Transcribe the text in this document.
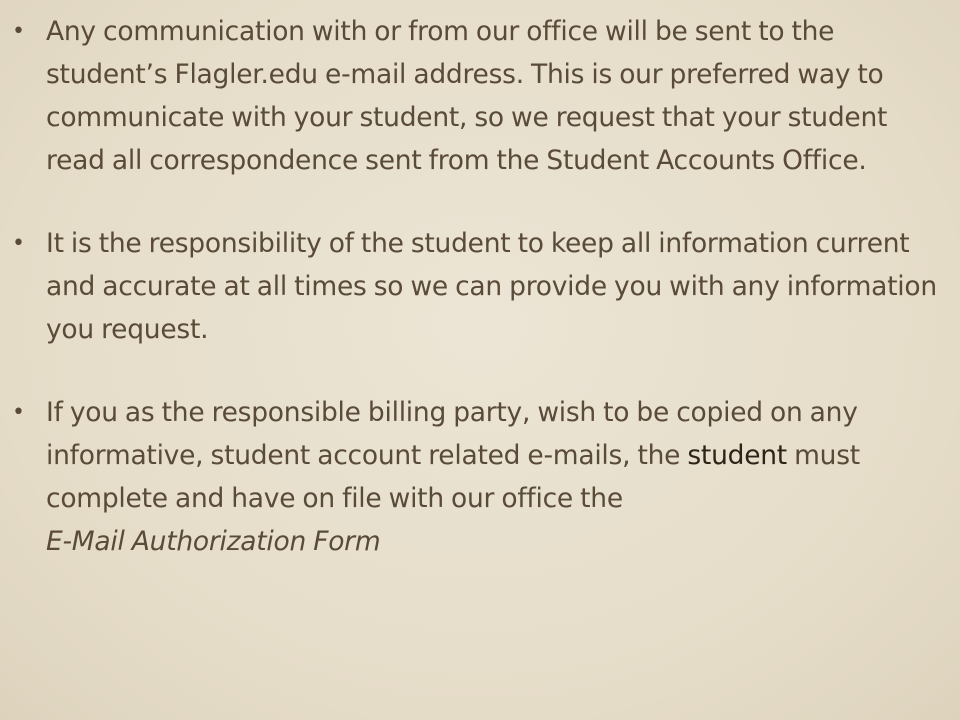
• Any communication with or from our office will be sent to the student’s Flagler.edu e-mail address. This is our preferred way to communicate with your student, so we request that your student read all correspondence sent from the Student Accounts Office.
• It is the responsibility of the student to keep all information current and accurate at all times so we can provide you with any information you request.
• If you as the responsible billing party, wish to be copied on any informative, student account related e-mails, the student must complete and have on file with our office the
E-Mail Authorization Form
